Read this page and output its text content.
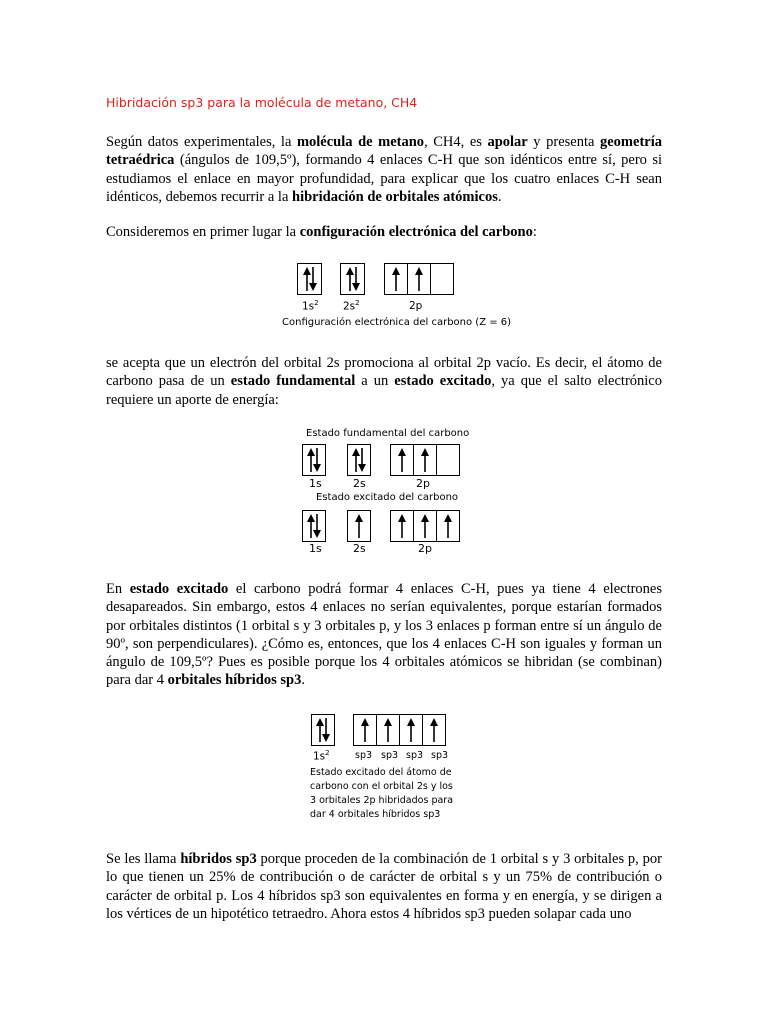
Hibridación sp3 para la molécula de metano, CH4

Según datos experimentales, la molécula de metano, CH4, es apolar y presenta geometría tetraédrica (ángulos de 109,5º), formando 4 enlaces C-H que son idénticos entre sí, pero si estudiamos el enlace en mayor profundidad, para explicar que los cuatro enlaces C-H sean idénticos, debemos recurrir a la hibridación de orbitales atómicos.

Consideremos en primer lugar la configuración electrónica del carbono:

$1s^2$ $2s^2$	2p
Configuración electrónica del carbono (Z = 6)

se acepta que un electrón del orbital 2s promociona al orbital 2p vacío. Es decir, el átomo de carbono pasa de un estado fundamental a un estado excitado, ya que el salto electrónico requiere un aporte de energía:

Estado fundamental del carbono
1s	2s	2p
Estado excitado del carbono
1s	2s	2p

En estado excitado el carbono podrá formar 4 enlaces C-H, pues ya tiene 4 electrones desapareados. Sin embargo, estos 4 enlaces no serían equivalentes, porque estarían formados por orbitales distintos (1 orbital s y 3 orbitales p, y los 3 enlaces p forman entre sí un ángulo de 90º, son perpendiculares). ¿Cómo es, entonces, que los 4 enlaces C-H son iguales y forman un ángulo de 109,5º? Pues es posible porque los 4 orbitales atómicos se hibridan (se combinan) para dar 4 orbitales híbridos sp3.

$1s^2$	sp3 sp3 sp3 sp3
Estado excitado del átomo de
carbono con el orbital 2s y los
3 orbitales 2p hibridados para
dar 4 orbitales híbridos sp3

Se les llama híbridos sp3 porque proceden de la combinación de 1 orbital s y 3 orbitales p, por lo que tienen un 25% de contribución o de carácter de orbital s y un 75% de contribución o carácter de orbital p. Los 4 híbridos sp3 son equivalentes en forma y en energía, y se dirigen a los vértices de un hipotético tetraedro. Ahora estos 4 híbridos sp3 pueden solapar cada uno
